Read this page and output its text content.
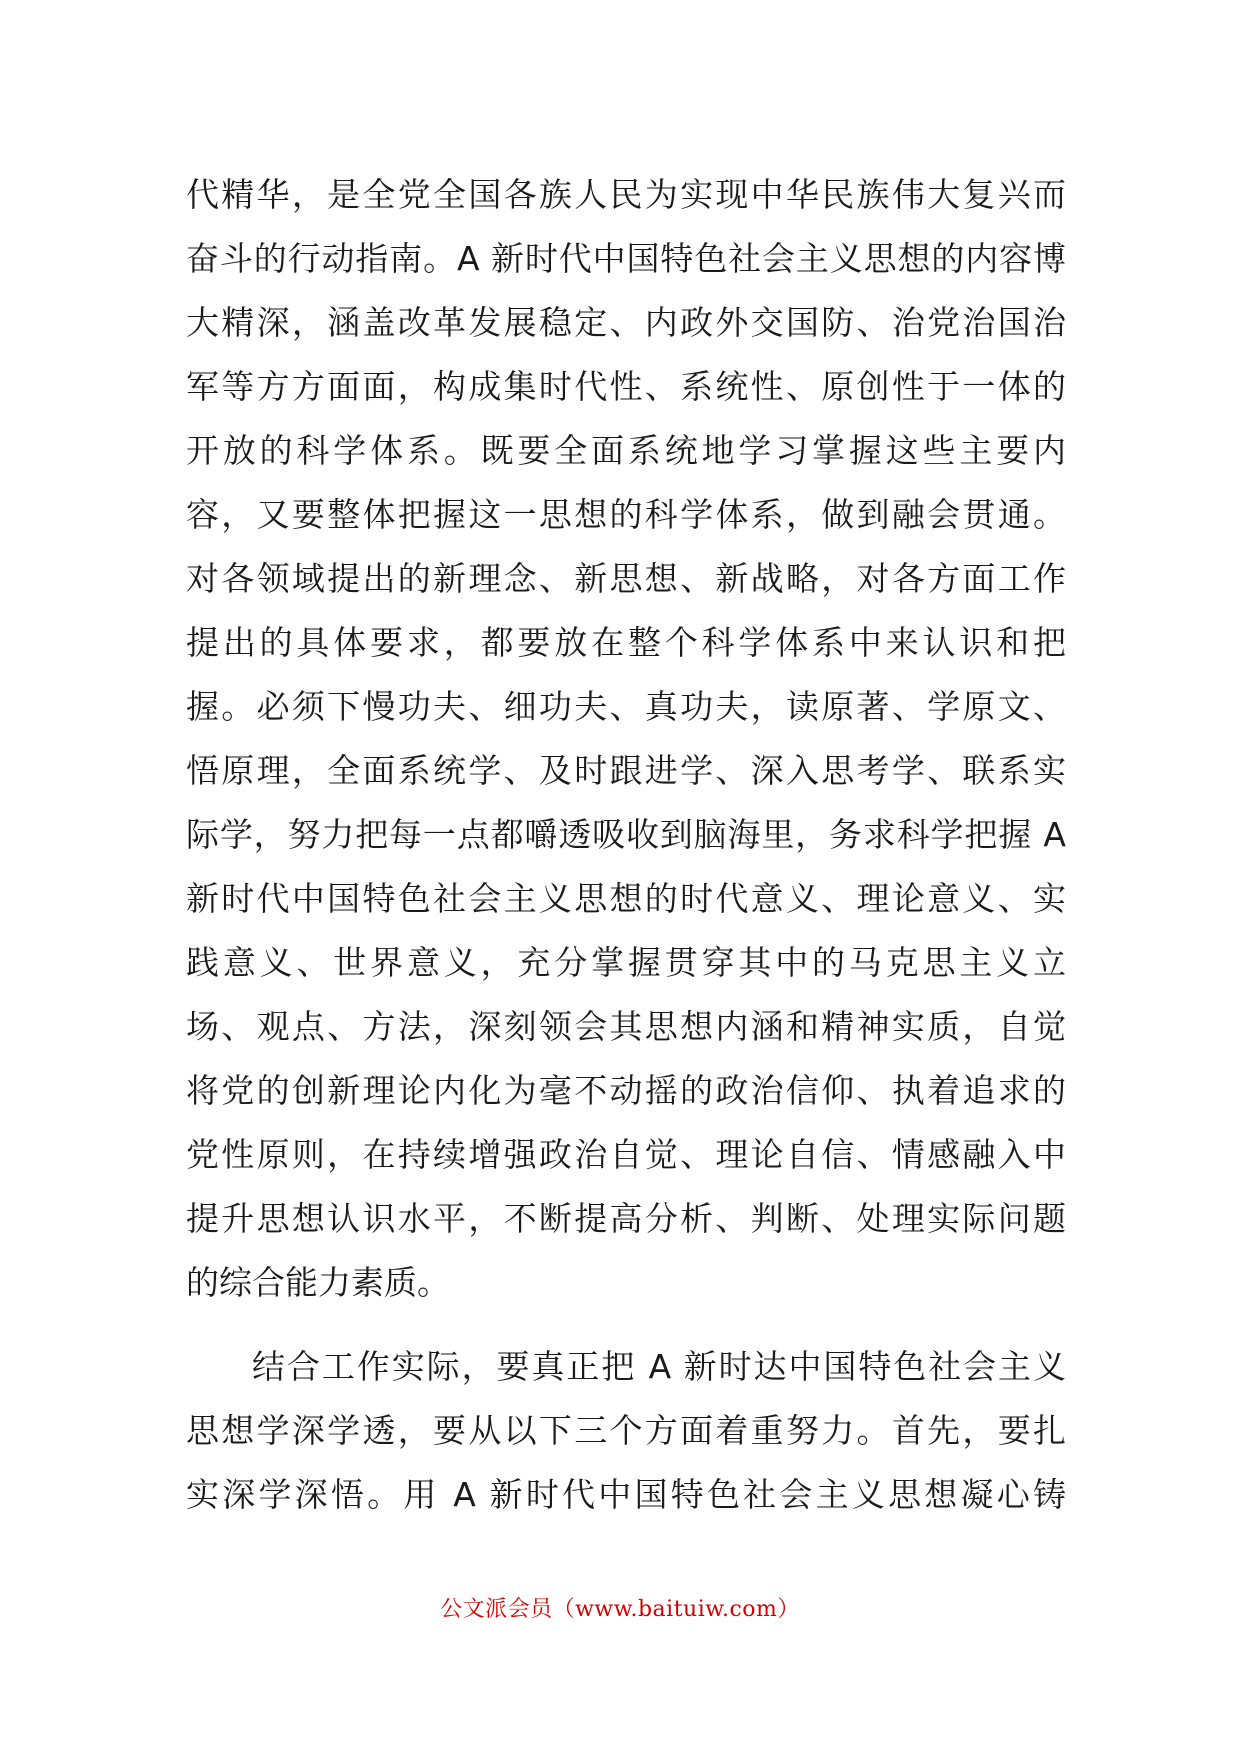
代精华，是全党全国各族人民为实现中华民族伟大复兴而
奋斗的行动指南。A 新时代中国特色社会主义思想的内容博
大精深，涵盖改革发展稳定、内政外交国防、治党治国治
军等方方面面，构成集时代性、系统性、原创性于一体的
开放的科学体系。既要全面系统地学习掌握这些主要内
容，又要整体把握这一思想的科学体系，做到融会贯通。
对各领域提出的新理念、新思想、新战略，对各方面工作
提出的具体要求，都要放在整个科学体系中来认识和把
握。必须下慢功夫、细功夫、真功夫，读原著、学原文、
悟原理，全面系统学、及时跟进学、深入思考学、联系实
际学，努力把每一点都嚼透吸收到脑海里，务求科学把握 A
新时代中国特色社会主义思想的时代意义、理论意义、实
践意义、世界意义，充分掌握贯穿其中的马克思主义立
场、观点、方法，深刻领会其思想内涵和精神实质，自觉
将党的创新理论内化为毫不动摇的政治信仰、执着追求的
党性原则，在持续增强政治自觉、理论自信、情感融入中
提升思想认识水平，不断提高分析、判断、处理实际问题
的综合能力素质。
结合工作实际，要真正把 A 新时达中国特色社会主义
思想学深学透，要从以下三个方面着重努力。首先，要扎
实深学深悟。用 A 新时代中国特色社会主义思想凝心铸
公文派会员（www.baituiw.com）
